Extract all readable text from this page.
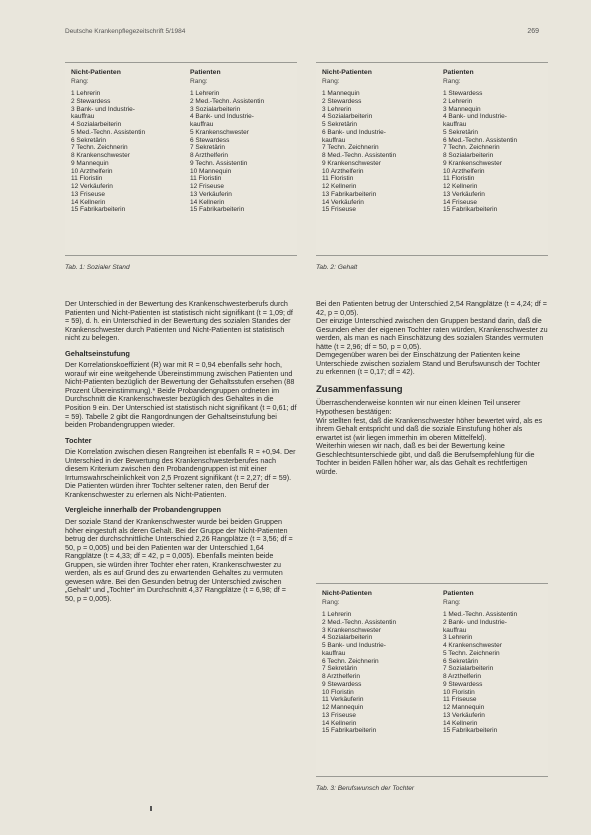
Deutsche Krankenpflegezeitschrift 5/1984	269
Nicht-Patienten
Rang:
1 Lehrerin
2 Stewardess
3 Bank- und Industrie-
kauffrau
4 Sozialarbeiterin
5 Med.-Techn. Assistentin
6 Sekretärin
7 Techn. Zeichnerin
8 Krankenschwester
9 Mannequin
10 Arzthelferin
11 Floristin
12 Verkäuferin
13 Friseuse
14 Kellnerin
15 Fabrikarbeiterin
Patienten
Rang:
1 Lehrerin
2 Med.-Techn. Assistentin
3 Sozialarbeiterin
4 Bank- und Industrie-
kauffrau
5 Krankenschwester
6 Stewardess
7 Sekretärin
8 Arzthelferin
9 Techn. Assistentin
10 Mannequin
11 Floristin
12 Friseuse
13 Verkäuferin
14 Kellnerin
15 Fabrikarbeiterin
Tab. 1: Sozialer Stand
Nicht-Patienten
Rang:
1 Mannequin
2 Stewardess
3 Lehrerin
4 Sozialarbeiterin
5 Sekretärin
6 Bank- und Industrie-
kauffrau
7 Techn. Zeichnerin
8 Med.-Techn. Assistentin
9 Krankenschwester
10 Arzthelferin
11 Floristin
12 Kellnerin
13 Fabrikarbeiterin
14 Verkäuferin
15 Friseuse
Patienten
Rang:
1 Stewardess
2 Lehrerin
3 Mannequin
4 Bank- und Industrie-
kauffrau
5 Sekretärin
6 Med.-Techn. Assistentin
7 Techn. Zeichnerin
8 Sozialarbeiterin
9 Krankenschwester
10 Arzthelferin
11 Floristin
12 Kellnerin
13 Verkäuferin
14 Friseuse
15 Fabrikarbeiterin
Tab. 2: Gehalt

Der Unterschied in der Bewertung des Krankenschwesterberufs durch Patienten und Nicht-Patienten ist statistisch nicht signifikant (t = 1,09; df = 59), d. h. ein Unterschied in der Bewertung des sozialen Standes der Krankenschwester durch Patienten und Nicht-Patienten ist statistisch nicht zu belegen.

Gehaltseinstufung

Der Korrelationskoeffizient (R) war mit R = 0,94 ebenfalls sehr hoch, worauf wir eine weitgehende Übereinstimmung zwischen Patienten und Nicht-Patienten bezüglich der Bewertung der Gehaltsstufen ersehen (88 Prozent Übereinstimmung).* Beide Probandengruppen ordneten im Durchschnitt die Krankenschwester bezüglich des Gehaltes in die Position 9 ein. Der Unterschied ist statistisch nicht signifikant (t = 0,61; df = 59). Tabelle 2 gibt die Rangordnungen der Gehaltseinstufung bei beiden Probandengruppen wieder.

Tochter

Die Korrelation zwischen diesen Rangreihen ist ebenfalls R = +0,94. Der Unterschied in der Bewertung des Krankenschwesterberufes nach diesem Kriterium zwischen den Probandengruppen ist mit einer Irrtumswahrscheinlichkeit von 2,5 Prozent signifikant (t = 2,27; df = 59). Die Patienten würden ihrer Tochter seltener raten, den Beruf der Krankenschwester zu erlernen als Nicht-Patienten.

Vergleiche innerhalb der Probandengruppen

Der soziale Stand der Krankenschwester wurde bei beiden Gruppen höher eingestuft als deren Gehalt. Bei der Gruppe der Nicht-Patienten betrug der durchschnittliche Unterschied 2,26 Rangplätze (t = 3,56; df = 50, p = 0,005) und bei den Patienten war der Unterschied 1,64 Rangplätze (t = 4,33; df = 42, p = 0,005). Ebenfalls meinten beide Gruppen, sie würden ihrer Tochter eher raten, Krankenschwester zu werden, als es auf Grund des zu erwartenden Gehaltes zu vermuten gewesen wäre. Bei den Gesunden betrug der Unterschied zwischen „Gehalt“ und „Tochter“ im Durchschnitt 4,37 Rangplätze (t = 6,98; df = 50, p = 0,005).

Bei den Patienten betrug der Unterschied 2,54 Rangplätze (t = 4,24; df = 42, p = 0,05).

Der einzige Unterschied zwischen den Gruppen bestand darin, daß die Gesunden eher der eigenen Tochter raten würden, Krankenschwester zu werden, als man es nach Einschätzung des sozialen Standes vermuten hätte (t = 2,96; df = 50, p = 0,05).

Demgegenüber waren bei der Einschätzung der Patienten keine Unterschiede zwischen sozialem Stand und Berufswunsch der Tochter zu erkennen (t = 0,17; df = 42).

Zusammenfassung

Überraschenderweise konnten wir nur einen kleinen Teil unserer Hypothesen bestätigen:

Wir stellten fest, daß die Krankenschwester höher bewertet wird, als es ihrem Gehalt entspricht und daß die soziale Einstufung höher als erwartet ist (wir liegen immerhin im oberen Mittelfeld).

Weiterhin wiesen wir nach, daß es bei der Bewertung keine Geschlechtsunterschiede gibt, und daß die Berufsempfehlung für die Tochter in beiden Fällen höher war, als das Gehalt es rechtfertigen würde.

Nicht-Patienten
Rang:
1 Lehrerin
2 Med.-Techn. Assistentin
3 Krankenschwester
4 Sozialarbeiterin
5 Bank- und Industrie-
kauffrau
6 Techn. Zeichnerin
7 Sekretärin
8 Arzthelferin
9 Stewardess
10 Floristin
11 Verkäuferin
12 Mannequin
13 Friseuse
14 Kellnerin
15 Fabrikarbeiterin
Patienten
Rang:
1 Med.-Techn. Assistentin
2 Bank- und Industrie-
kauffrau
3 Lehrerin
4 Krankenschwester
5 Techn. Zeichnerin
6 Sekretärin
7 Sozialarbeiterin
8 Arzthelferin
9 Stewardess
10 Floristin
11 Friseuse
12 Mannequin
13 Verkäuferin
14 Kellnerin
15 Fabrikarbeiterin
Tab. 3: Berufswunsch der Tochter
